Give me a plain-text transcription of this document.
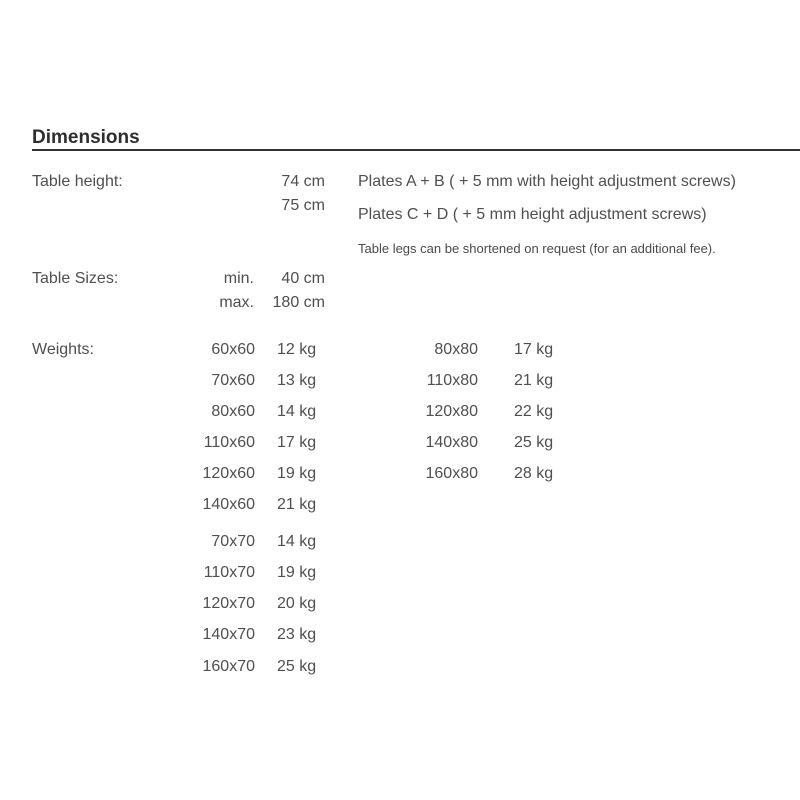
Dimensions
Table height:	74 cm
75 cm
Plates A + B ( + 5 mm with height adjustment screws)
Plates C + D ( + 5 mm height adjustment screws)
Table legs can be shortened on request (for an additional fee).
Table Sizes:	min.	40 cm
max.	180 cm
Weights:	60x60 12 kg
70x60 13 kg
80x60 14 kg
110x60 17 kg
120x60 19 kg
140x60 21 kg
70x70 14 kg
110x70 19 kg
120x70 20 kg
140x70 23 kg
160x70 25 kg
80x80 17 kg
110x80 21 kg
120x80 22 kg
140x80 25 kg
160x80 28 kg
